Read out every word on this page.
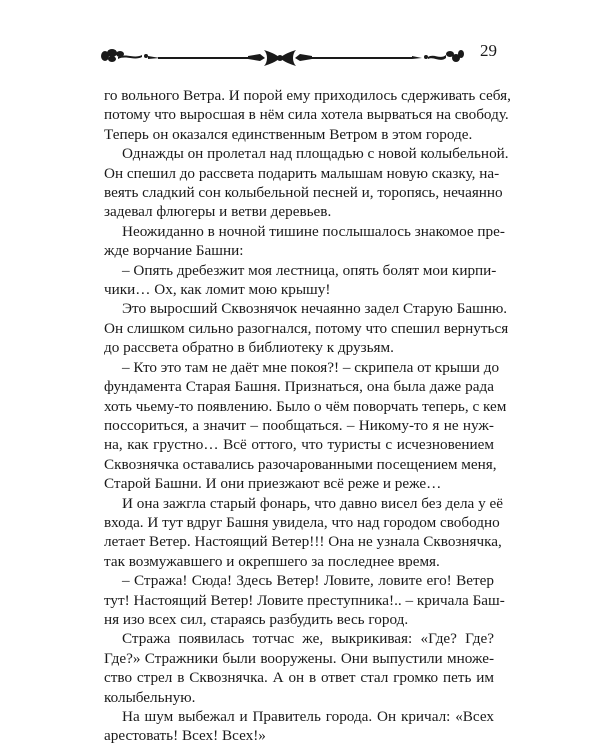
29
го вольного Ветра. И порой ему приходилось сдерживать себя,
потому что выросшая в нём сила хотела вырваться на свободу.
Теперь он оказался единственным Ветром в этом городе.
Однажды он пролетал над площадью с новой колыбельной.
Он спешил до рассвета подарить малышам новую сказку, на-
веять сладкий сон колыбельной песней и, торопясь, нечаянно
задевал флюгеры и ветви деревьев.
Неожиданно в ночной тишине послышалось знакомое пре-
жде ворчание Башни:
– Опять дребезжит моя лестница, опять болят мои кирпи-
чики… Ох, как ломит мою крышу!
Это выросший Сквознячок нечаянно задел Старую Башню.
Он слишком сильно разогнался, потому что спешил вернуться
до рассвета обратно в библиотеку к друзьям.
– Кто это там не даёт мне покоя?! – скрипела от крыши до
фундамента Старая Башня. Признаться, она была даже рада
хоть чьему-то появлению. Было о чём поворчать теперь, с кем
поссориться, а значит – пообщаться. – Никому-то я не нуж-
на, как грустно… Всё оттого, что туристы с исчезновением
Сквознячка оставались разочарованными посещением меня,
Старой Башни. И они приезжают всё реже и реже…
И она зажгла старый фонарь, что давно висел без дела у её
входа. И тут вдруг Башня увидела, что над городом свободно
летает Ветер. Настоящий Ветер!!! Она не узнала Сквознячка,
так возмужавшего и окрепшего за последнее время.
– Стража! Сюда! Здесь Ветер! Ловите, ловите его! Ветер
тут! Настоящий Ветер! Ловите преступника!.. – кричала Баш-
ня изо всех сил, стараясь разбудить весь город.
Стража появилась тотчас же, выкрикивая: «Где? Где?
Где?» Стражники были вооружены. Они выпустили множе-
ство стрел в Сквознячка. А он в ответ стал громко петь им
колыбельную.
На шум выбежал и Правитель города. Он кричал: «Всех
арестовать! Всех! Всех!»
